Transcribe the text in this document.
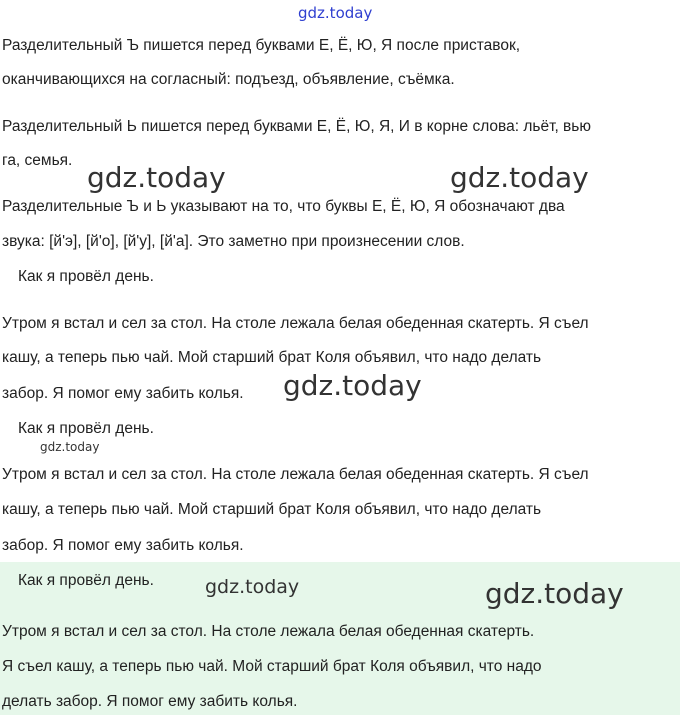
gdz.today
Разделительный Ъ пишется перед буквами Е, Ё, Ю, Я после приставок,
оканчивающихся на согласный: подъезд, объявление, съёмка.
Разделительный Ь пишется перед буквами Е, Ё, Ю, Я, И в корне слова: льёт, вью
га, семья.
gdz.today	gdz.today
Разделительные Ъ и Ь указывают на то, что буквы Е, Ё, Ю, Я обозначают два
звука: [й'э], [й'о], [й'у], [й'а]. Это заметно при произнесении слов.
Как я провёл день.
Утром я встал и сел за стол. На столе лежала белая обеденная скатерть. Я съел
кашу, а теперь пью чай. Мой старший брат Коля объявил, что надо делать
забор. Я помог ему забить колья. gdz.today
Как я провёл день.
gdz.today
Утром я встал и сел за стол. На столе лежала белая обеденная скатерть. Я съел
кашу, а теперь пью чай. Мой старший брат Коля объявил, что надо делать
забор. Я помог ему забить колья.
Как я провёл день.	gdz.today	gdz.today
Утром я встал и сел за стол. На столе лежала белая обеденная скатерть.
Я съел кашу, а теперь пью чай. Мой старший брат Коля объявил, что надо
делать забор. Я помог ему забить колья.
